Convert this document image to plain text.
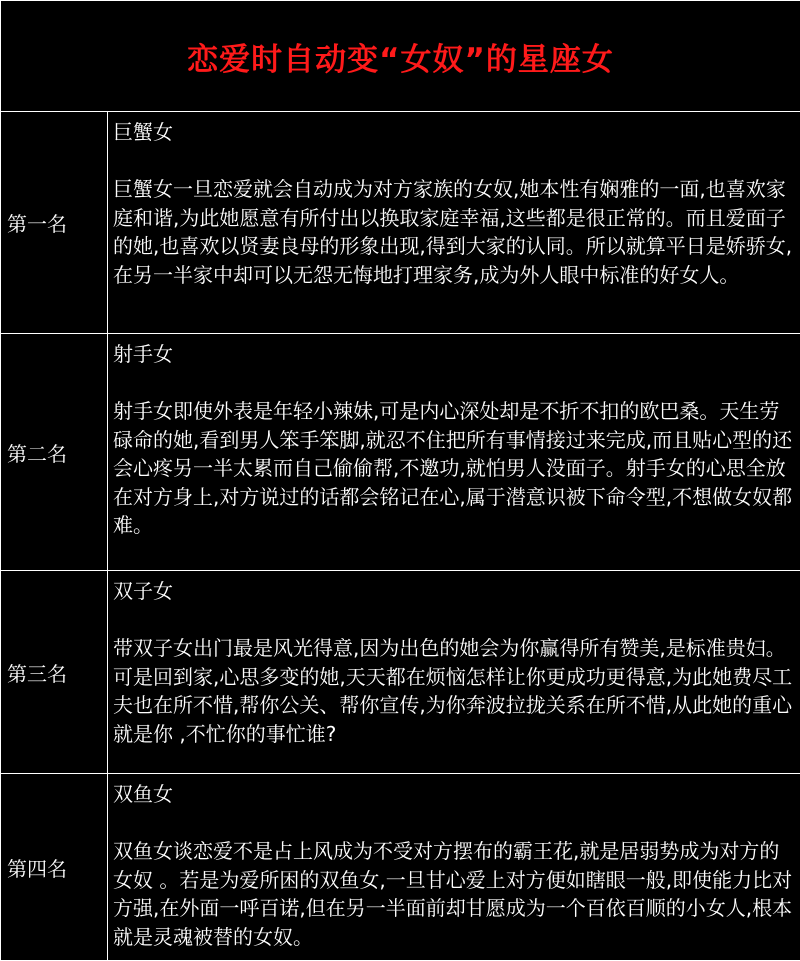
恋爱时自动变“女奴”的星座女	
第一名	巨蟹女
巨蟹女一旦恋爱就会自动成为对方家族的女奴,她本性有娴雅的一面,也喜欢家庭和谐,为此她愿意有所付出以换取家庭幸福,这些都是很正常的。而且爱面子的她,也喜欢以贤妻良母的形象出现,得到大家的认同。所以就算平日是娇骄女,在另一半家中却可以无怨无悔地打理家务,成为外人眼中标准的好女人。

第二名	射手女
射手女即使外表是年轻小辣妹,可是内心深处却是不折不扣的欧巴桑。天生劳碌命的她,看到男人笨手笨脚,就忍不住把所有事情接过来完成,而且贴心型的还会心疼另一半太累而自己偷偷帮,不邀功,就怕男人没面子。射手女的心思全放在对方身上,对方说过的话都会铭记在心,属于潜意识被下命令型,不想做女奴都难。

第三名	双子女
带双子女出门最是风光得意,因为出色的她会为你赢得所有赞美,是标准贵妇。可是回到家,心思多变的她,天天都在烦恼怎样让你更成功更得意,为此她费尽工夫也在所不惜,帮你公关、帮你宣传,为你奔波拉拢关系在所不惜,从此她的重心就是你 ,不忙你的事忙谁?

第四名	双鱼女
双鱼女谈恋爱不是占上风成为不受对方摆布的霸王花,就是居弱势成为对方的女奴 。若是为爱所困的双鱼女,一旦甘心爱上对方便如瞎眼一般,即使能力比对方强,在外面一呼百诺,但在另一半面前却甘愿成为一个百依百顺的小女人,根本就是灵魂被替的女奴。
